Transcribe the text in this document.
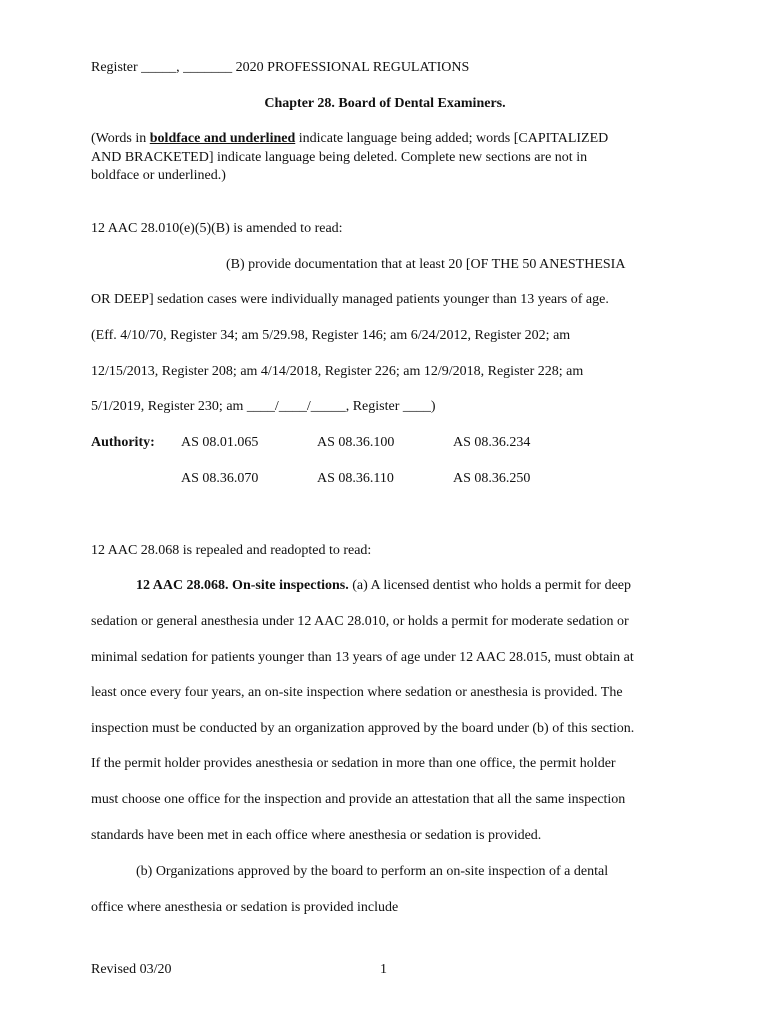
Register _____, _______ 2020 PROFESSIONAL REGULATIONS
Chapter 28. Board of Dental Examiners.
(Words in boldface and underlined indicate language being added; words [CAPITALIZED
AND BRACKETED] indicate language being deleted. Complete new sections are not in
boldface or underlined.)
12 AAC 28.010(e)(5)(B) is amended to read:
(B) provide documentation that at least 20 [OF THE 50 ANESTHESIA
OR DEEP] sedation cases were individually managed patients younger than 13 years of age.
(Eff. 4/10/70, Register 34; am 5/29.98, Register 146; am 6/24/2012, Register 202; am
12/15/2013, Register 208; am 4/14/2018, Register 226; am 12/9/2018, Register 228; am
5/1/2019, Register 230; am ____/____/_____, Register ____)
Authority: AS 08.01.065	AS 08.36.100	AS 08.36.234
AS 08.36.070	AS 08.36.110	AS 08.36.250
12 AAC 28.068 is repealed and readopted to read:
12 AAC 28.068. On-site inspections. (a) A licensed dentist who holds a permit for deep
sedation or general anesthesia under 12 AAC 28.010, or holds a permit for moderate sedation or
minimal sedation for patients younger than 13 years of age under 12 AAC 28.015, must obtain at
least once every four years, an on-site inspection where sedation or anesthesia is provided. The
inspection must be conducted by an organization approved by the board under (b) of this section.
If the permit holder provides anesthesia or sedation in more than one office, the permit holder
must choose one office for the inspection and provide an attestation that all the same inspection
standards have been met in each office where anesthesia or sedation is provided.
(b) Organizations approved by the board to perform an on-site inspection of a dental
office where anesthesia or sedation is provided include
Revised 03/20	1
